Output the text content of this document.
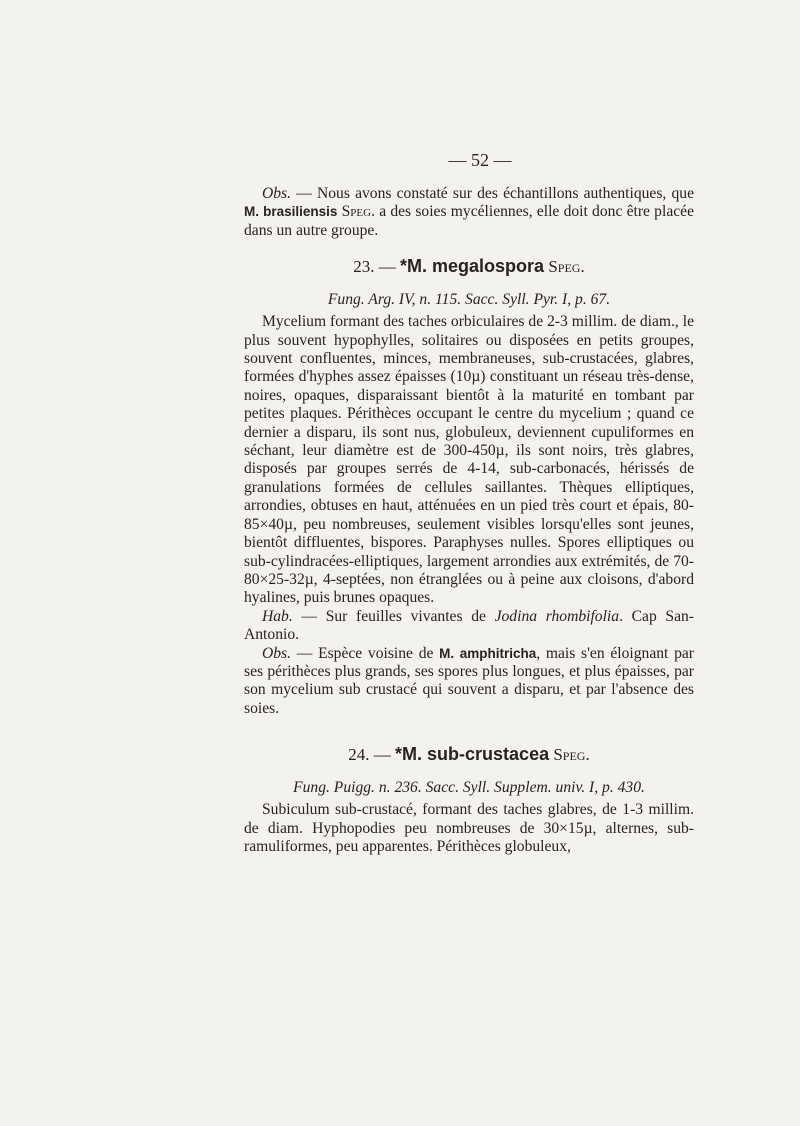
— 52 —

Obs. — Nous avons constaté sur des échantillons authentiques, que M. brasiliensis Speg. a des soies mycéliennes, elle doit donc être placée dans un autre groupe.

23. — *M. megalospora Speg.
Fung. Arg. IV, n. 115. Sacc. Syll. Pyr. I, p. 67.

Mycelium formant des taches orbiculaires de 2-3 millim. de diam., le plus souvent hypophylles, solitaires ou disposées en petits groupes, souvent confluentes, minces, membraneuses, sub-crustacées, glabres, formées d'hyphes assez épaisses (10µ) constituant un réseau très-dense, noires, opaques, disparaissant bientôt à la maturité en tombant par petites plaques. Périthèces occupant le centre du mycelium ; quand ce dernier a disparu, ils sont nus, globuleux, deviennent cupuliformes en séchant, leur diamètre est de 300-450µ, ils sont noirs, très glabres, disposés par groupes serrés de 4-14, sub-carbonacés, hérissés de granulations formées de cellules saillantes. Thèques elliptiques, arrondies, obtuses en haut, atténuées en un pied très court et épais, 80-85×40µ, peu nombreuses, seulement visibles lorsqu'elles sont jeunes, bientôt diffluentes, bispores. Paraphyses nulles. Spores elliptiques ou sub-cylindracées-elliptiques, largement arrondies aux extrémités, de 70-80×25-32µ, 4-septées, non étranglées ou à peine aux cloisons, d'abord hyalines, puis brunes opaques.

Hab. — Sur feuilles vivantes de Jodina rhombifolia. Cap San-Antonio.

Obs. — Espèce voisine de M. amphitricha, mais s'en éloignant par ses périthèces plus grands, ses spores plus longues, et plus épaisses, par son mycelium sub crustacé qui souvent a disparu, et par l'absence des soies.

24. — *M. sub-crustacea Speg.
Fung. Puigg. n. 236. Sacc. Syll. Supplem. univ. I, p. 430.

Subiculum sub-crustacé, formant des taches glabres, de 1-3 millim. de diam. Hyphopodies peu nombreuses de 30×15µ, alternes, sub-ramuliformes, peu apparentes. Périthèces globuleux,
